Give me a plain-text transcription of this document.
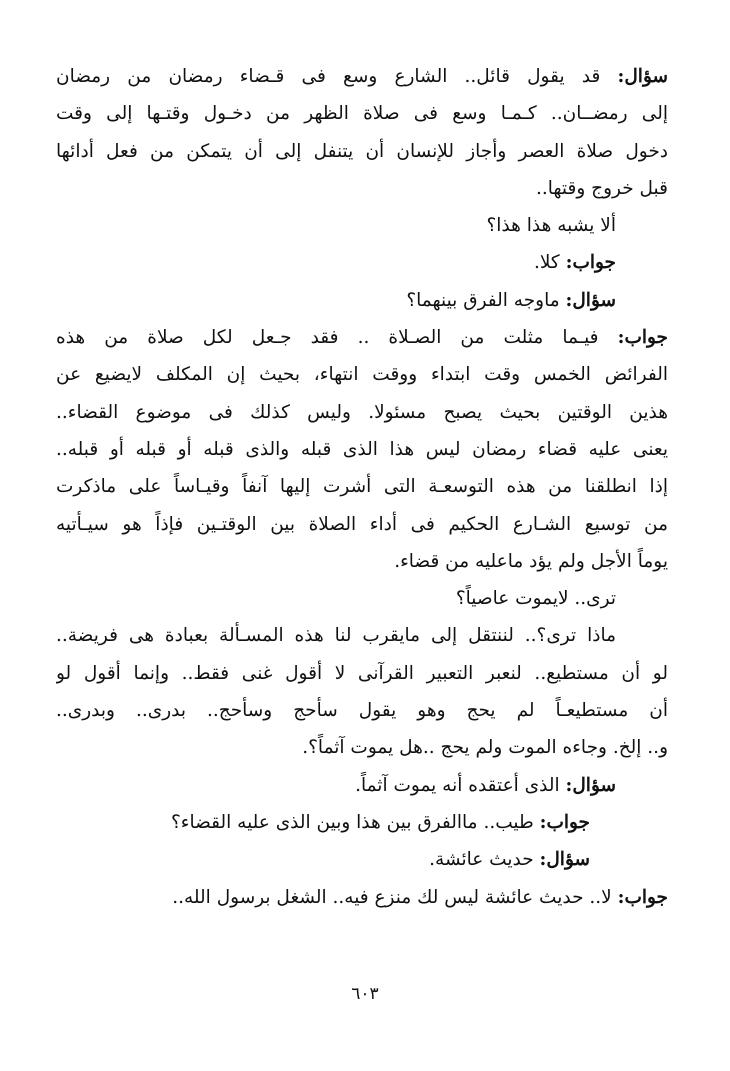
سؤال: قد يقول قائل.. الشارع وسع فى قـضاء رمضان من رمضان
إلى رمضــان.. كـمـا وسع فى صلاة الظهر من دخـول وقتـها إلى وقت
دخول صلاة العصر وأجاز للإنسان أن يتنفل إلى أن يتمكن من فعل أدائها
قبل خروج وقتها..
ألا يشبه هذا هذا؟
جواب: كلا.
سؤال: ماوجه الفرق بينهما؟
جواب: فيـما مثلت من الصـلاة .. فقد جـعل لكل صلاة من هذه
الفرائض الخمس وقت ابتداء ووقت انتهاء، بحيث إن المكلف لايضيع عن
هذين الوقتين بحيث يصبح مسئولا. وليس كذلك فى موضوع القضاء..
يعنى عليه قضاء رمضان ليس هذا الذى قبله والذى قبله أو قبله أو قبله..
إذا انطلقنا من هذه التوسعـة التى أشرت إليها آنفاً وقيـاساً على ماذكرت
من توسيع الشـارع الحكيم فى أداء الصلاة بين الوقتـين فإذاً هو سيـأتيه
يوماً الأجل ولم يؤد ماعليه من قضاء.
ترى.. لايموت عاصياً؟
ماذا ترى؟.. لننتقل إلى مايقرب لنا هذه المسـألة بعبادة هى فريضة..
لو أن مستطيع.. لنعبر التعبير القرآنى لا أقول غنى فقط.. وإنما أقول لو
أن مستطيعـاً لم يحج وهو يقول سأحج وسأحج.. بدرى.. وبدرى..
و.. إلخ. وجاءه الموت ولم يحج ..هل يموت آثماً؟.
سؤال: الذى أعتقده أنه يموت آثماً.
جواب: طيب.. ماالفرق بين هذا وبين الذى عليه القضاء؟
سؤال: حديث عائشة.
جواب: لا.. حديث عائشة ليس لك منزع فيه.. الشغل برسول الله..
٦٠٣
